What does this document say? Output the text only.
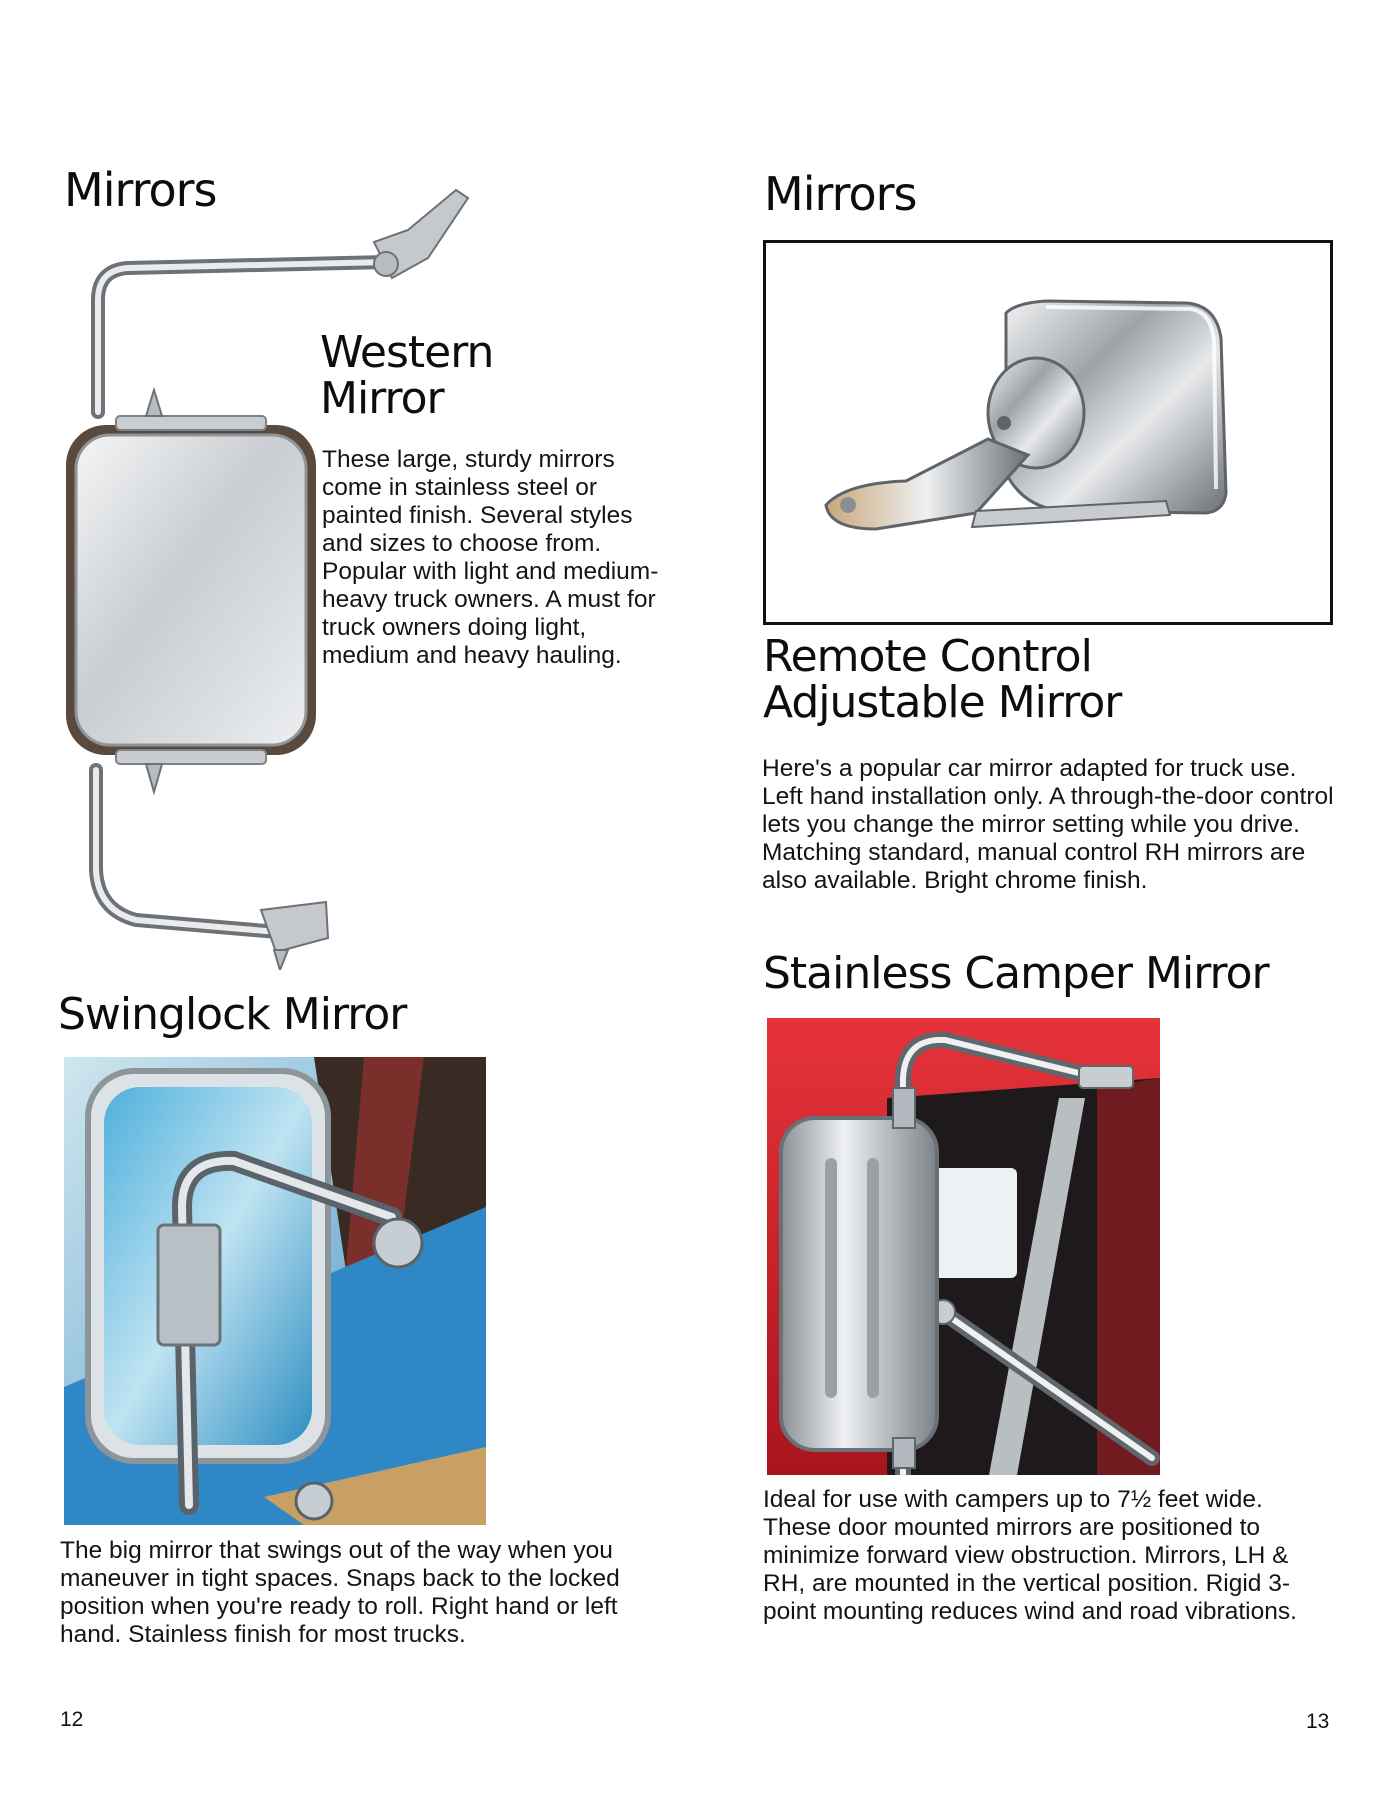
Mirrors
Western
Mirror

These large, sturdy mirrors come in stainless steel or painted finish. Several styles and sizes to choose from. Popular with light and medium-heavy truck owners. A must for truck owners doing light, medium and heavy hauling.

Swinglock Mirror

The big mirror that swings out of the way when you maneuver in tight spaces. Snaps back to the locked position when you're ready to roll. Right hand or left hand. Stainless finish for most trucks.

12
Mirrors
Remote Control
Adjustable Mirror

Here's a popular car mirror adapted for truck use. Left hand installation only. A through-the-door control lets you change the mirror setting while you drive. Matching standard, manual control RH mirrors are also available. Bright chrome finish.

Stainless Camper Mirror

Ideal for use with campers up to 7½ feet wide. These door mounted mirrors are positioned to minimize forward view obstruction. Mirrors, LH & RH, are mounted in the vertical position. Rigid 3-point mounting reduces wind and road vibrations.

13
